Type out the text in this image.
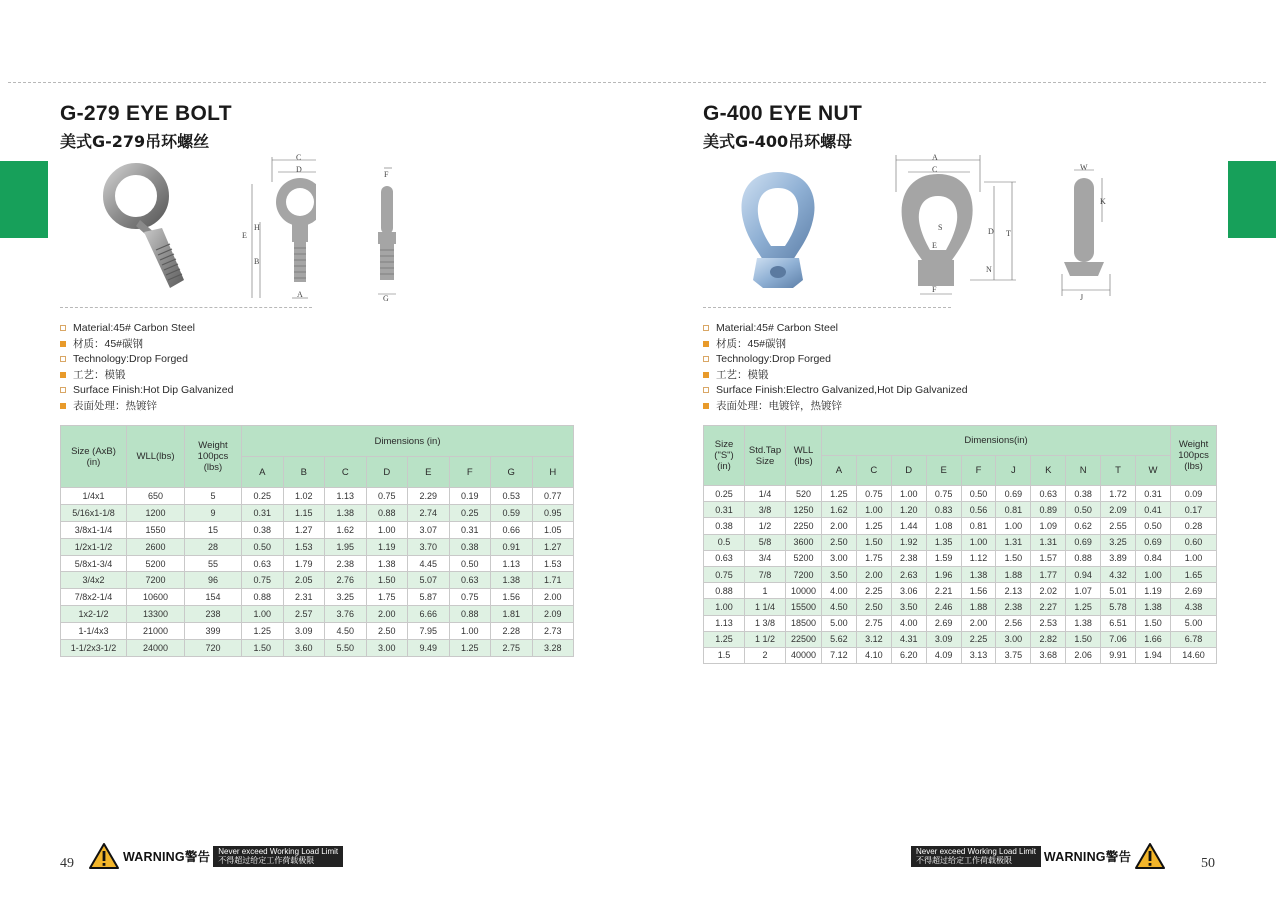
G-279 EYE BOLT
美式G-279吊环螺丝
C
D
E
H
B
A
F
G
Material:45# Carbon Steel
材质：45#碳钢
Technology:Drop Forged
工艺：模锻
Surface Finish:Hot Dip Galvanized
表面处理：热镀锌
Size (AxB) (in)	WLL(lbs)	Weight 100pcs (lbs)	Dimensions (in)							
			A	B	C	D	E	F	G	H
1/4x1	650	5	0.25	1.02	1.13	0.75	2.29	0.19	0.53	0.77
5/16x1-1/8	1200	9	0.31	1.15	1.38	0.88	2.74	0.25	0.59	0.95
3/8x1-1/4	1550	15	0.38	1.27	1.62	1.00	3.07	0.31	0.66	1.05
1/2x1-1/2	2600	28	0.50	1.53	1.95	1.19	3.70	0.38	0.91	1.27
5/8x1-3/4	5200	55	0.63	1.79	2.38	1.38	4.45	0.50	1.13	1.53
3/4x2	7200	96	0.75	2.05	2.76	1.50	5.07	0.63	1.38	1.71
7/8x2-1/4	10600	154	0.88	2.31	3.25	1.75	5.87	0.75	1.56	2.00
1x2-1/2	13300	238	1.00	2.57	3.76	2.00	6.66	0.88	1.81	2.09
1-1/4x3	21000	399	1.25	3.09	4.50	2.50	7.95	1.00	2.28	2.73
1-1/2x3-1/2	24000	720	1.50	3.60	5.50	3.00	9.49	1.25	2.75	3.28
49	WARNING警告 Never exceed Working Load Limit
不得超过给定工作荷载极限
G-400 EYE NUT
美式G-400吊环螺母
A
C
S
E
F
D T
N
W
K
J
Material:45# Carbon Steel
材质：45#碳钢
Technology:Drop Forged
工艺：模锻
Surface Finish:Electro Galvanized,Hot Dip Galvanized
表面处理：电镀锌，热镀锌
Size ("S") (in)	Std.Tap Size	WLL (lbs)	Dimensions(in)										Weight 100pcs (lbs)
			A	C	D	E	F	J	K	N	T	W	
0.25	1/4	520	1.25	0.75	1.00	0.75	0.50	0.69	0.63	0.38	1.72	0.31	0.09
0.31	3/8	1250	1.62	1.00	1.20	0.83	0.56	0.81	0.89	0.50	2.09	0.41	0.17
0.38	1/2	2250	2.00	1.25	1.44	1.08	0.81	1.00	1.09	0.62	2.55	0.50	0.28
0.5	5/8	3600	2.50	1.50	1.92	1.35	1.00	1.31	1.31	0.69	3.25	0.69	0.60
0.63	3/4	5200	3.00	1.75	2.38	1.59	1.12	1.50	1.57	0.88	3.89	0.84	1.00
0.75	7/8	7200	3.50	2.00	2.63	1.96	1.38	1.88	1.77	0.94	4.32	1.00	1.65
0.88	1	10000	4.00	2.25	3.06	2.21	1.56	2.13	2.02	1.07	5.01	1.19	2.69
1.00	1 1/4	15500	4.50	2.50	3.50	2.46	1.88	2.38	2.27	1.25	5.78	1.38	4.38
1.13	1 3/8	18500	5.00	2.75	4.00	2.69	2.00	2.56	2.53	1.38	6.51	1.50	5.00
1.25	1 1/2	22500	5.62	3.12	4.31	3.09	2.25	3.00	2.82	1.50	7.06	1.66	6.78
1.5	2	40000	7.12	4.10	6.20	4.09	3.13	3.75	3.68	2.06	9.91	1.94	14.60
50
Never exceed Working Load Limit
不得超过给定工作荷载极限	WARNING警告
